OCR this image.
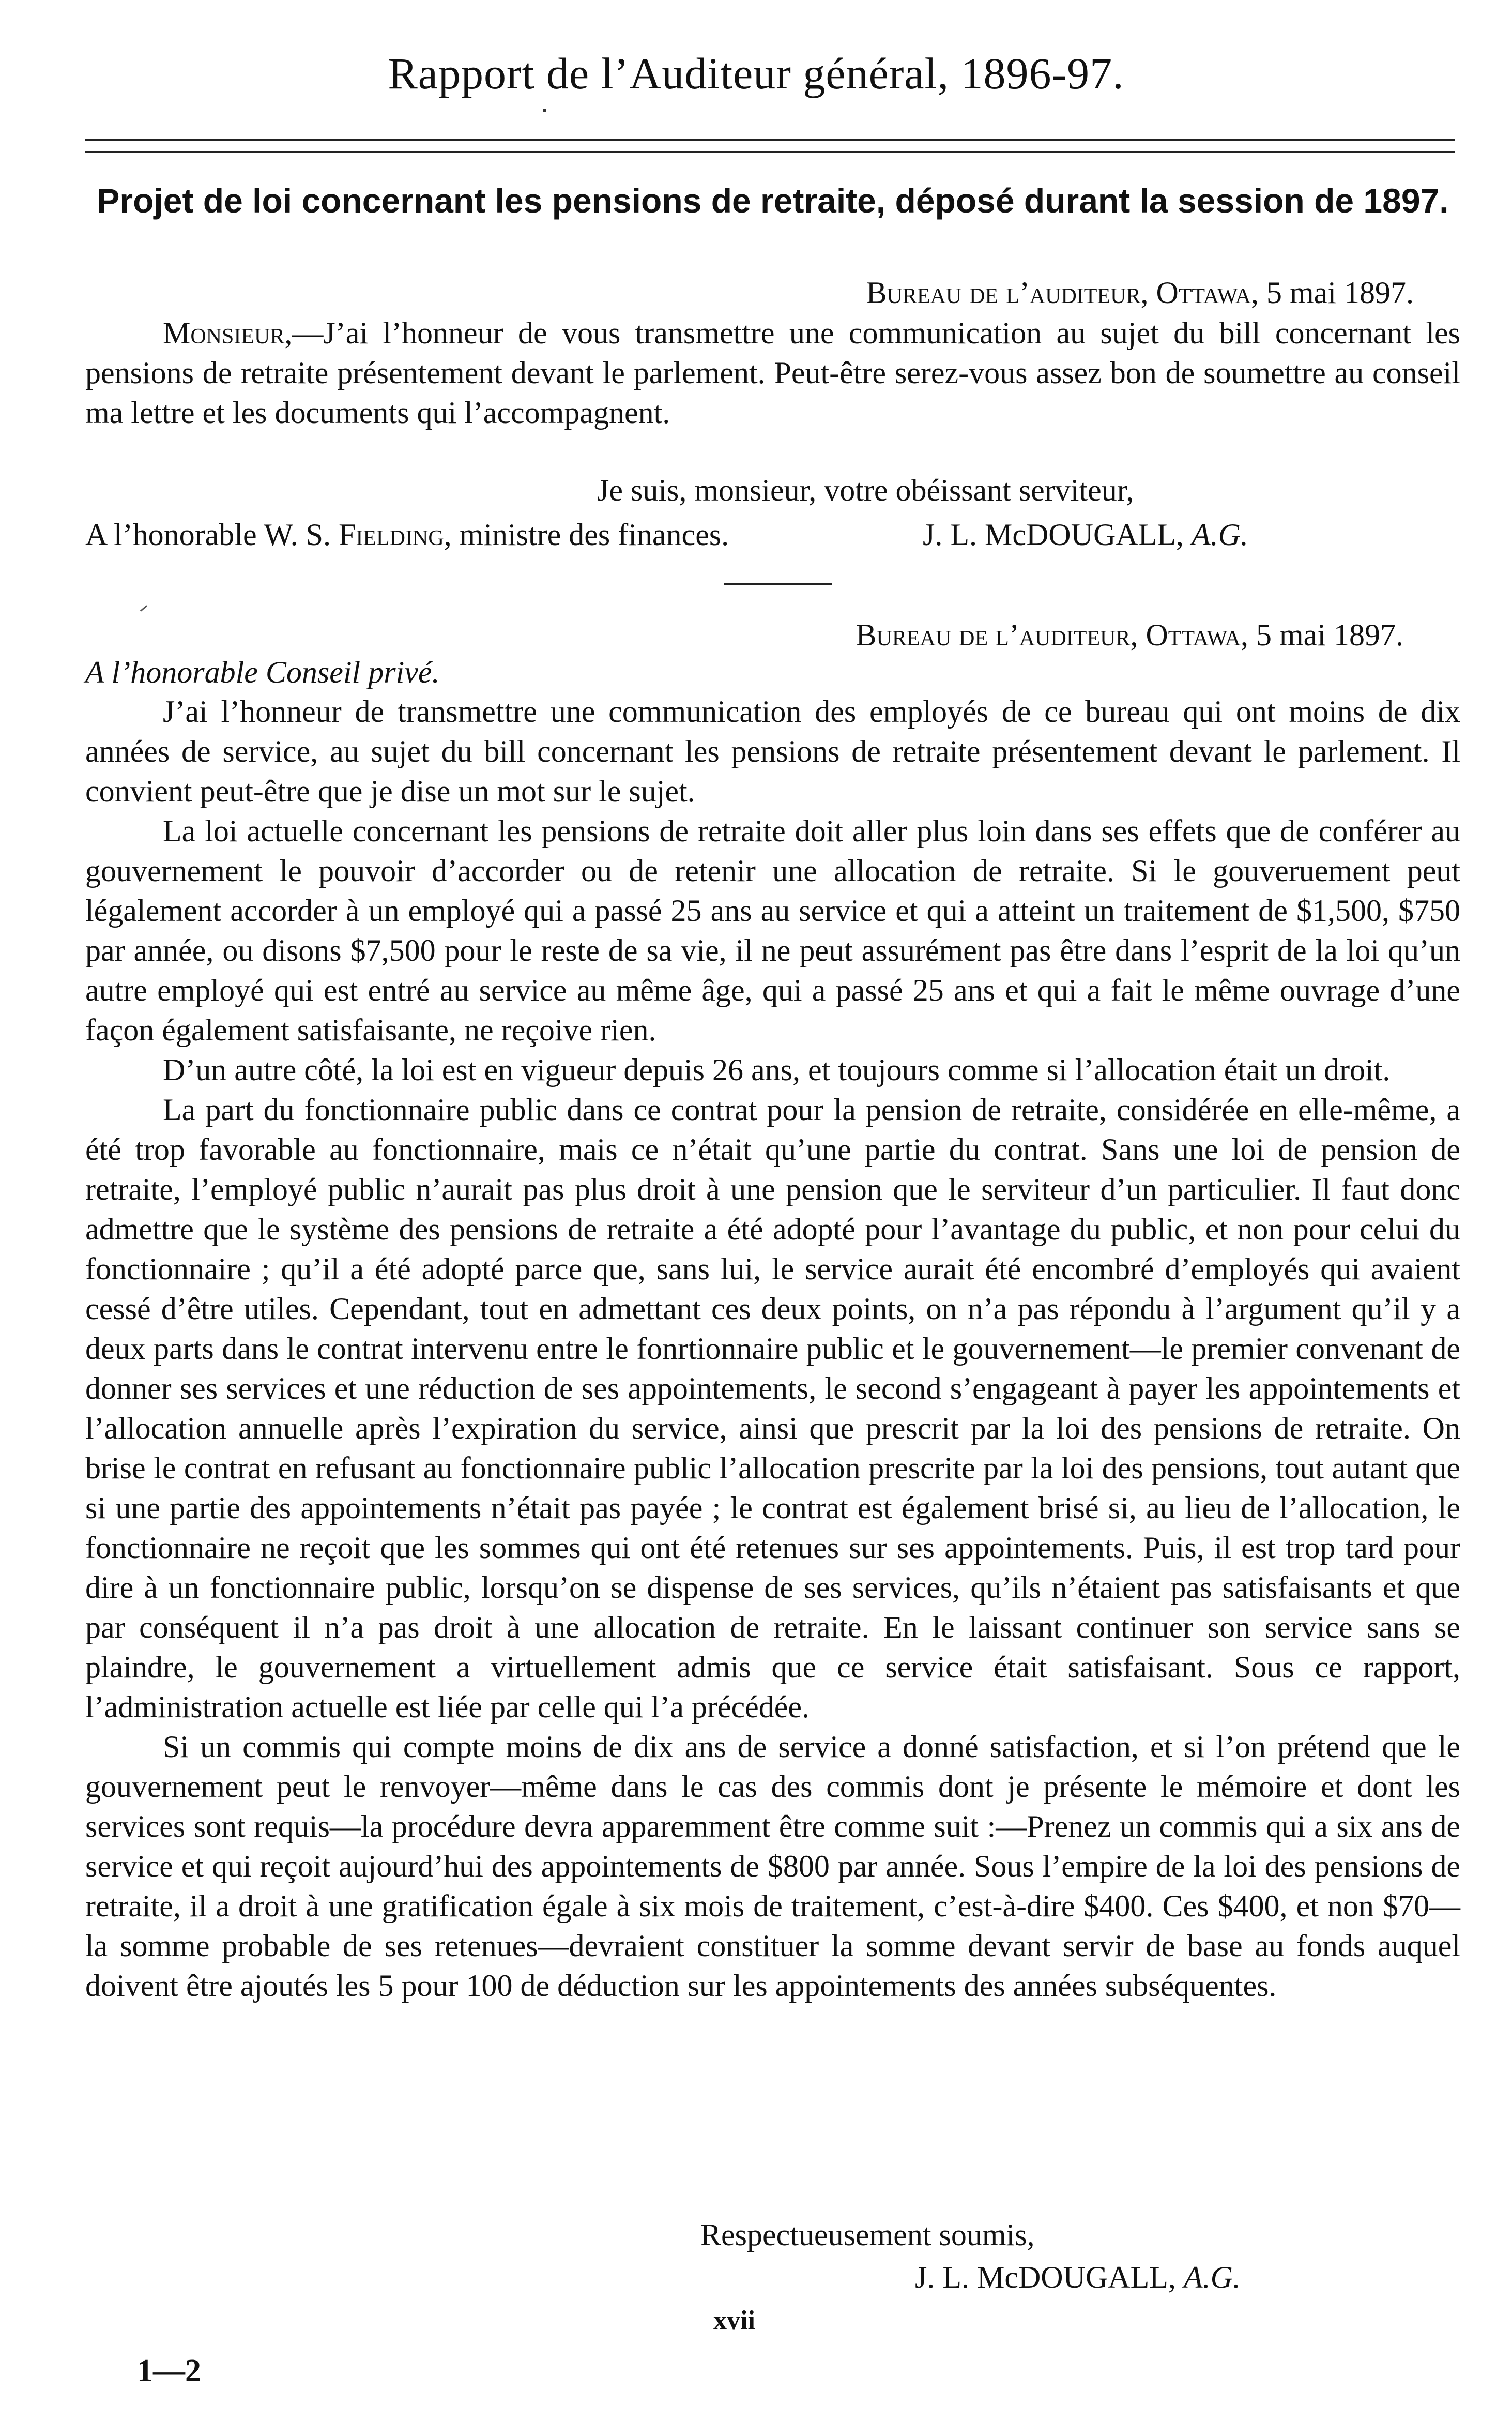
Rapport de l’Auditeur général, 1896-97.
Projet de loi concernant les pensions de retraite, déposé durant la session de 1897.
Bureau de l’auditeur, Ottawa, 5 mai 1897.

Monsieur,—J’ai l’honneur de vous transmettre une communication au sujet du bill concernant les pensions de retraite présentement devant le parlement. Peut-être serez-vous assez bon de soumettre au conseil ma lettre et les documents qui l’accompagnent.

Je suis, monsieur, votre obéissant serviteur,
A l’honorable W. S. Fielding, ministre des finances.	J. L. McDOUGALL, A.G.
Bureau de l’auditeur, Ottawa, 5 mai 1897.
A l’honorable Conseil privé.

J’ai l’honneur de transmettre une communication des employés de ce bureau qui ont moins de dix années de service, au sujet du bill concernant les pensions de retraite présentement devant le parlement. Il convient peut-être que je dise un mot sur le sujet.

La loi actuelle concernant les pensions de retraite doit aller plus loin dans ses effets que de conférer au gouvernement le pouvoir d’accorder ou de retenir une allocation de retraite. Si le gouveruement peut légalement accorder à un employé qui a passé 25 ans au service et qui a atteint un traitement de $1,500, $750 par année, ou disons $7,500 pour le reste de sa vie, il ne peut assurément pas être dans l’esprit de la loi qu’un autre employé qui est entré au service au même âge, qui a passé 25 ans et qui a fait le même ouvrage d’une façon également satisfaisante, ne reçoive rien.

D’un autre côté, la loi est en vigueur depuis 26 ans, et toujours comme si l’allocation était un droit.

La part du fonctionnaire public dans ce contrat pour la pension de retraite, considérée en elle-même, a été trop favorable au fonctionnaire, mais ce n’était qu’une partie du contrat. Sans une loi de pension de retraite, l’employé public n’aurait pas plus droit à une pension que le serviteur d’un particulier. Il faut donc admettre que le système des pensions de retraite a été adopté pour l’avantage du public, et non pour celui du fonctionnaire ; qu’il a été adopté parce que, sans lui, le service aurait été encombré d’employés qui avaient cessé d’être utiles. Cependant, tout en admettant ces deux points, on n’a pas répondu à l’argument qu’il y a deux parts dans le contrat intervenu entre le fonrtionnaire public et le gouvernement—le premier convenant de donner ses services et une réduction de ses appointements, le second s’engageant à payer les appointements et l’allocation annuelle après l’expiration du service, ainsi que prescrit par la loi des pensions de retraite. On brise le contrat en refusant au fonctionnaire public l’allocation prescrite par la loi des pensions, tout autant que si une partie des appointements n’était pas payée ; le contrat est également brisé si, au lieu de l’allocation, le fonctionnaire ne reçoit que les sommes qui ont été retenues sur ses appointements. Puis, il est trop tard pour dire à un fonctionnaire public, lorsqu’on se dispense de ses services, qu’ils n’étaient pas satisfaisants et que par conséquent il n’a pas droit à une allocation de retraite. En le laissant continuer son service sans se plaindre, le gouvernement a virtuellement admis que ce service était satisfaisant. Sous ce rapport, l’administration actuelle est liée par celle qui l’a précédée.

Si un commis qui compte moins de dix ans de service a donné satisfaction, et si l’on prétend que le gouvernement peut le renvoyer—même dans le cas des commis dont je présente le mémoire et dont les services sont requis—la procédure devra apparemment être comme suit :—Prenez un commis qui a six ans de service et qui reçoit aujourd’hui des appointements de $800 par année. Sous l’empire de la loi des pensions de retraite, il a droit à une gratification égale à six mois de traitement, c’est-à-dire $400. Ces $400, et non $70—la somme probable de ses retenues—devraient constituer la somme devant servir de base au fonds auquel doivent être ajoutés les 5 pour 100 de déduction sur les appointements des années subséquentes.

Respectueusement soumis,
J. L. McDOUGALL, A.G.
xvii
1—2
